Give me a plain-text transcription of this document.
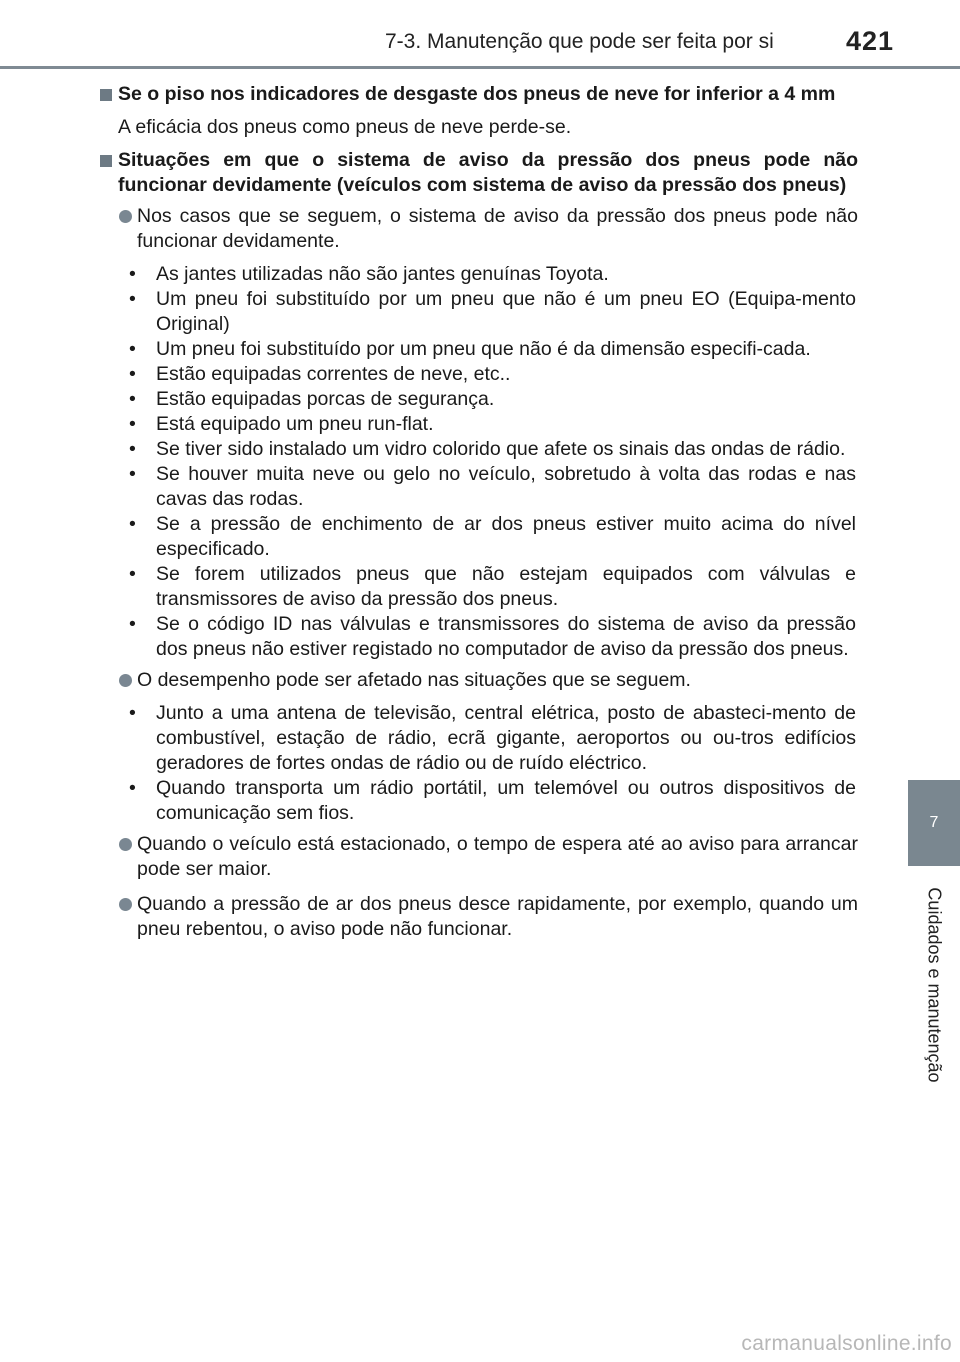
7-3. Manutenção que pode ser feita por si	421
7
Cuidados e manutenção
Se o piso nos indicadores de desgaste dos pneus de neve for inferior a 4 mm

A eficácia dos pneus como pneus de neve perde-se.

Situações em que o sistema de aviso da pressão dos pneus pode não funcionar devidamente (veículos com sistema de aviso da pressão dos pneus)
Nos casos que se seguem, o sistema de aviso da pressão dos pneus pode não funcionar devidamente.
•	As jantes utilizadas não são jantes genuínas Toyota.
•	Um pneu foi substituído por um pneu que não é um pneu EO (Equipa-mento Original)
•	Um pneu foi substituído por um pneu que não é da dimensão especifi-cada.
•	Estão equipadas correntes de neve, etc..
•	Estão equipadas porcas de segurança.
•	Está equipado um pneu run-flat.
•	Se tiver sido instalado um vidro colorido que afete os sinais das ondas de rádio.
•	Se houver muita neve ou gelo no veículo, sobretudo à volta das rodas e nas cavas das rodas.
•	Se a pressão de enchimento de ar dos pneus estiver muito acima do nível especificado.
•	Se forem utilizados pneus que não estejam equipados com válvulas e transmissores de aviso da pressão dos pneus.
•	Se o código ID nas válvulas e transmissores do sistema de aviso da pressão dos pneus não estiver registado no computador de aviso da pressão dos pneus.
O desempenho pode ser afetado nas situações que se seguem.
•	Junto a uma antena de televisão, central elétrica, posto de abasteci-mento de combustível, estação de rádio, ecrã gigante, aeroportos ou ou-tros edifícios geradores de fortes ondas de rádio ou de ruído eléctrico.
•	Quando transporta um rádio portátil, um telemóvel ou outros dispositivos de comunicação sem fios.
Quando o veículo está estacionado, o tempo de espera até ao aviso para arrancar pode ser maior.
Quando a pressão de ar dos pneus desce rapidamente, por exemplo, quando um pneu rebentou, o aviso pode não funcionar.
carmanualsonline.info
